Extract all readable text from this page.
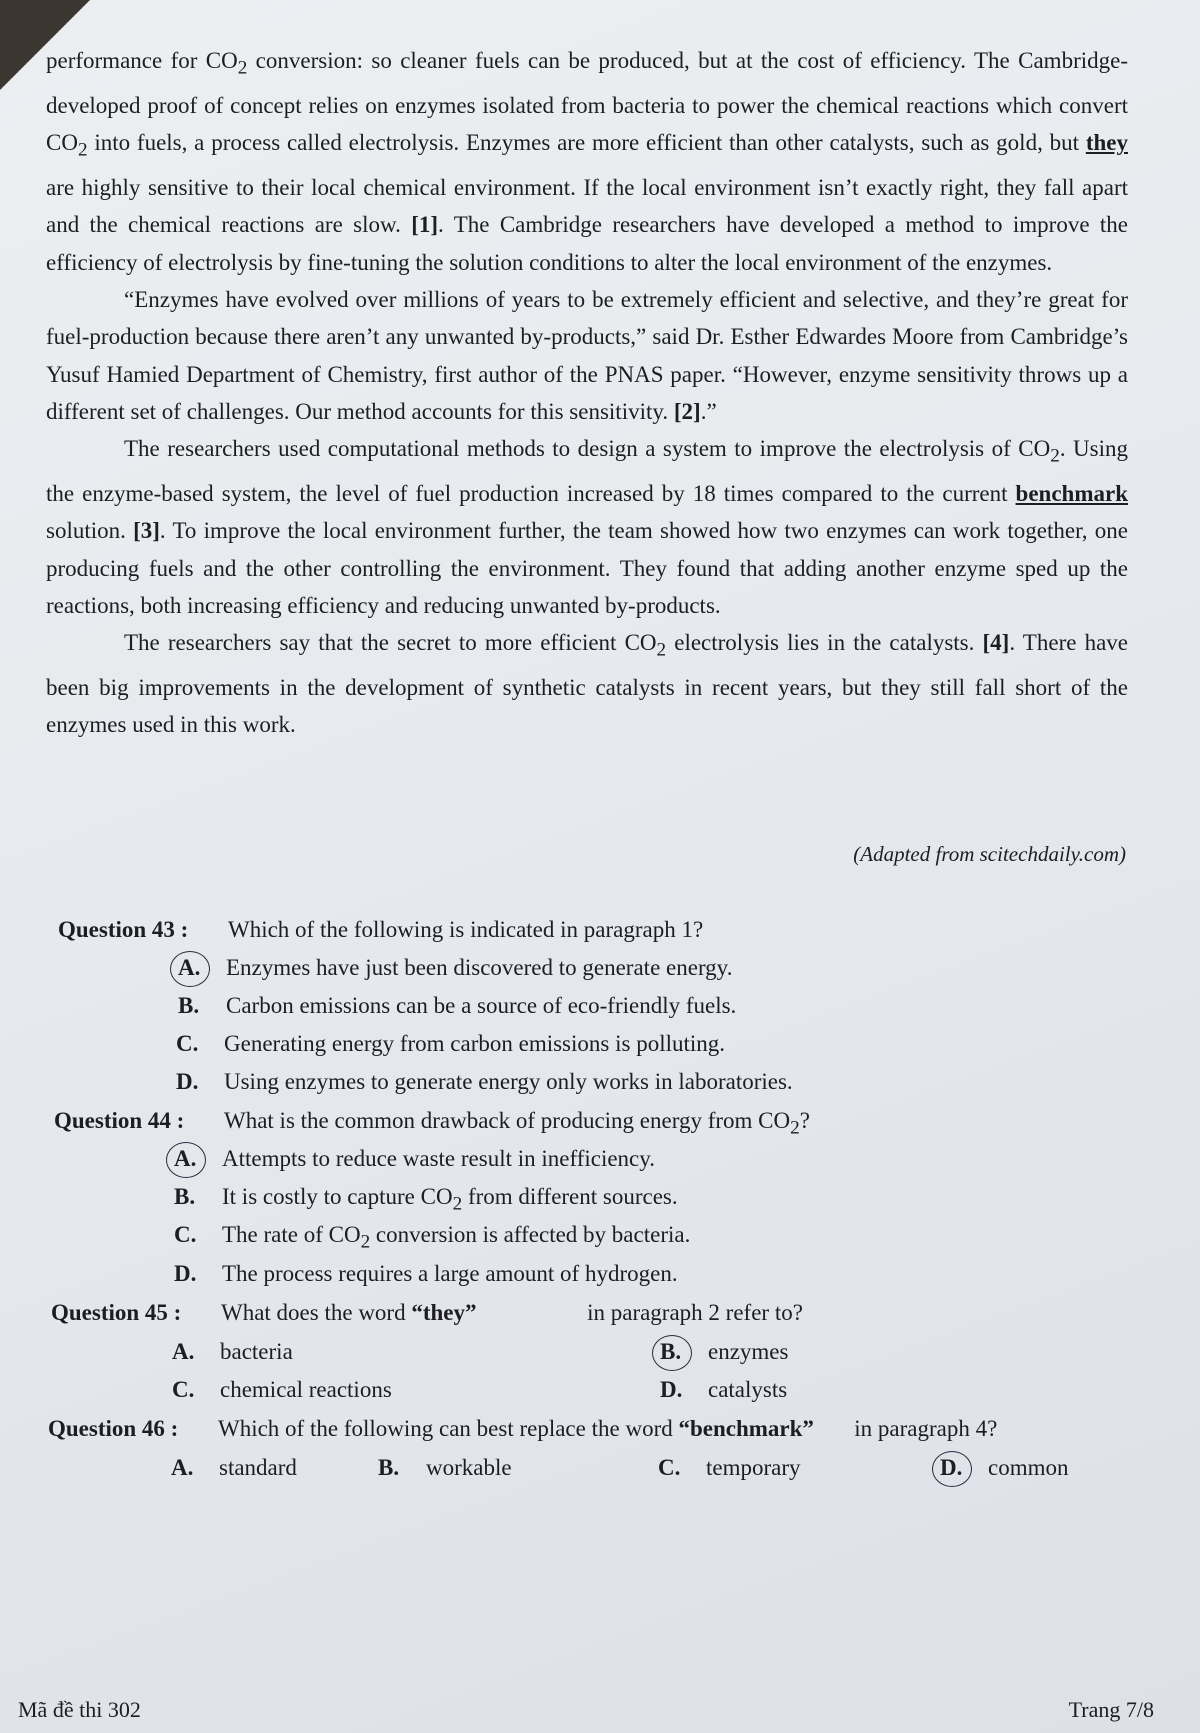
performance for $CO_2$ conversion: so cleaner fuels can be produced, but at the cost of efficiency. The Cambridge-developed proof of concept relies on enzymes isolated from bacteria to power the chemical reactions which convert $CO_2$ into fuels, a process called electrolysis. Enzymes are more efficient than other catalysts, such as gold, but they are highly sensitive to their local chemical environment. If the local environment isn’t exactly right, they fall apart and the chemical reactions are slow. [1]. The Cambridge researchers have developed a method to improve the efficiency of electrolysis by fine-tuning the solution conditions to alter the local environment of the enzymes.

“Enzymes have evolved over millions of years to be extremely efficient and selective, and they’re great for fuel-production because there aren’t any unwanted by-products,” said Dr. Esther Edwardes Moore from Cambridge’s Yusuf Hamied Department of Chemistry, first author of the PNAS paper. “However, enzyme sensitivity throws up a different set of challenges. Our method accounts for this sensitivity. [2].”

The researchers used computational methods to design a system to improve the electrolysis of $CO_2$. Using the enzyme-based system, the level of fuel production increased by 18 times compared to the current benchmark solution. [3]. To improve the local environment further, the team showed how two enzymes can work together, one producing fuels and the other controlling the environment. They found that adding another enzyme sped up the reactions, both increasing efficiency and reducing unwanted by-products.

The researchers say that the secret to more efficient $CO_2$ electrolysis lies in the catalysts. [4]. There have been big improvements in the development of synthetic catalysts in recent years, but they still fall short of the enzymes used in this work.

(Adapted from scitechdaily.com)
Question 43 : Which of the following is indicated in paragraph 1?
A. Enzymes have just been discovered to generate energy.
B. Carbon emissions can be a source of eco-friendly fuels.
C. Generating energy from carbon emissions is polluting.
D. Using enzymes to generate energy only works in laboratories.
Question 44 : What is the common drawback of producing energy from $CO_2$?
A. Attempts to reduce waste result in inefficiency.
B. It is costly to capture $CO_2$ from different sources.
C. The rate of $CO_2$ conversion is affected by bacteria.
D. The process requires a large amount of hydrogen.
Question 45 : What does the word “they”	in paragraph 2 refer to?
A. bacteria	B. enzymes
C. chemical reactions	D. catalysts
Question 46 : Which of the following can best replace the word “benchmark” in paragraph 4?
A. standard	B. workable	C. temporary	D. common
Mã đề thi 302	Trang 7/8
